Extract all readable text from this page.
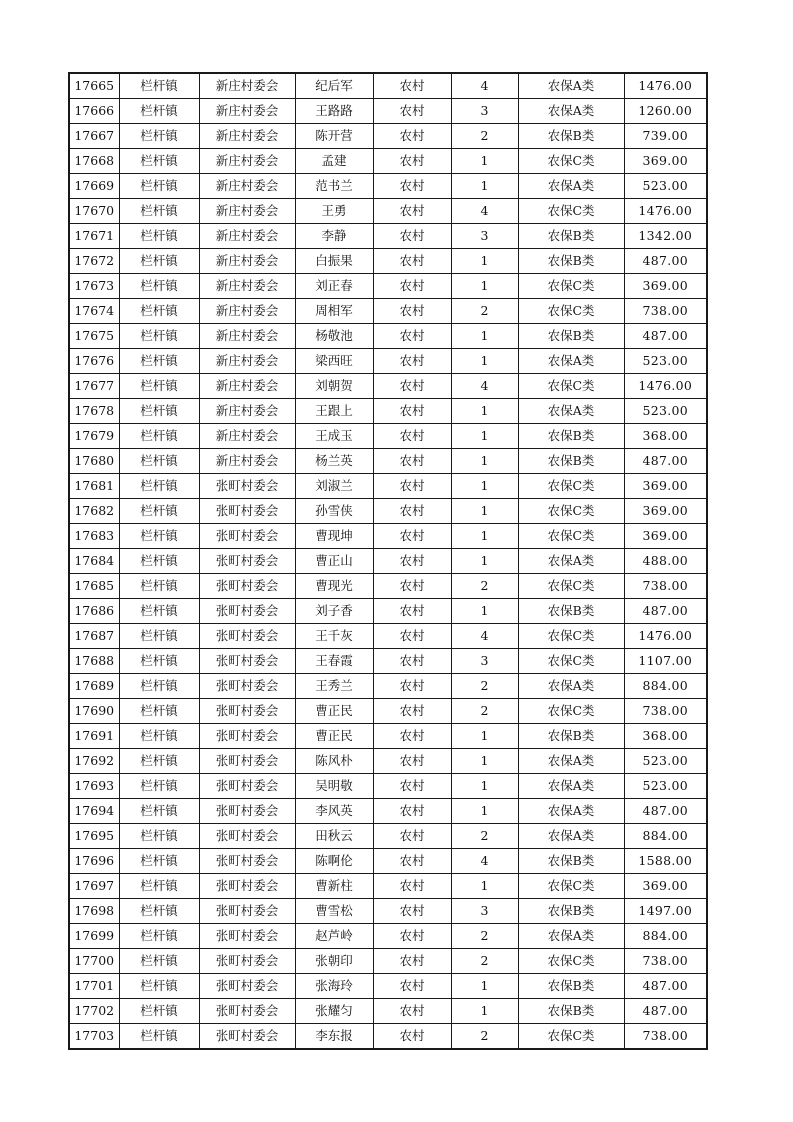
17665	栏杆镇	新庄村委会	纪后军	农村	4	农保A类	1476.00
17666	栏杆镇	新庄村委会	王路路	农村	3	农保A类	1260.00
17667	栏杆镇	新庄村委会	陈开营	农村	2	农保B类	739.00
17668	栏杆镇	新庄村委会	孟建	农村	1	农保C类	369.00
17669	栏杆镇	新庄村委会	范书兰	农村	1	农保A类	523.00
17670	栏杆镇	新庄村委会	王勇	农村	4	农保C类	1476.00
17671	栏杆镇	新庄村委会	李静	农村	3	农保B类	1342.00
17672	栏杆镇	新庄村委会	白振果	农村	1	农保B类	487.00
17673	栏杆镇	新庄村委会	刘正春	农村	1	农保C类	369.00
17674	栏杆镇	新庄村委会	周相军	农村	2	农保C类	738.00
17675	栏杆镇	新庄村委会	杨敬池	农村	1	农保B类	487.00
17676	栏杆镇	新庄村委会	梁西旺	农村	1	农保A类	523.00
17677	栏杆镇	新庄村委会	刘朝贺	农村	4	农保C类	1476.00
17678	栏杆镇	新庄村委会	王跟上	农村	1	农保A类	523.00
17679	栏杆镇	新庄村委会	王成玉	农村	1	农保B类	368.00
17680	栏杆镇	新庄村委会	杨兰英	农村	1	农保B类	487.00
17681	栏杆镇	张町村委会	刘淑兰	农村	1	农保C类	369.00
17682	栏杆镇	张町村委会	孙雪侠	农村	1	农保C类	369.00
17683	栏杆镇	张町村委会	曹现坤	农村	1	农保C类	369.00
17684	栏杆镇	张町村委会	曹正山	农村	1	农保A类	488.00
17685	栏杆镇	张町村委会	曹现光	农村	2	农保C类	738.00
17686	栏杆镇	张町村委会	刘子香	农村	1	农保B类	487.00
17687	栏杆镇	张町村委会	王千灰	农村	4	农保C类	1476.00
17688	栏杆镇	张町村委会	王春霞	农村	3	农保C类	1107.00
17689	栏杆镇	张町村委会	王秀兰	农村	2	农保A类	884.00
17690	栏杆镇	张町村委会	曹正民	农村	2	农保C类	738.00
17691	栏杆镇	张町村委会	曹正民	农村	1	农保B类	368.00
17692	栏杆镇	张町村委会	陈风朴	农村	1	农保A类	523.00
17693	栏杆镇	张町村委会	吴明敬	农村	1	农保A类	523.00
17694	栏杆镇	张町村委会	李风英	农村	1	农保A类	487.00
17695	栏杆镇	张町村委会	田秋云	农村	2	农保A类	884.00
17696	栏杆镇	张町村委会	陈啊伦	农村	4	农保B类	1588.00
17697	栏杆镇	张町村委会	曹新柱	农村	1	农保C类	369.00
17698	栏杆镇	张町村委会	曹雪松	农村	3	农保B类	1497.00
17699	栏杆镇	张町村委会	赵芦岭	农村	2	农保A类	884.00
17700	栏杆镇	张町村委会	张朝印	农村	2	农保C类	738.00
17701	栏杆镇	张町村委会	张海玲	农村	1	农保B类	487.00
17702	栏杆镇	张町村委会	张耀匀	农村	1	农保B类	487.00
17703	栏杆镇	张町村委会	李东报	农村	2	农保C类	738.00
